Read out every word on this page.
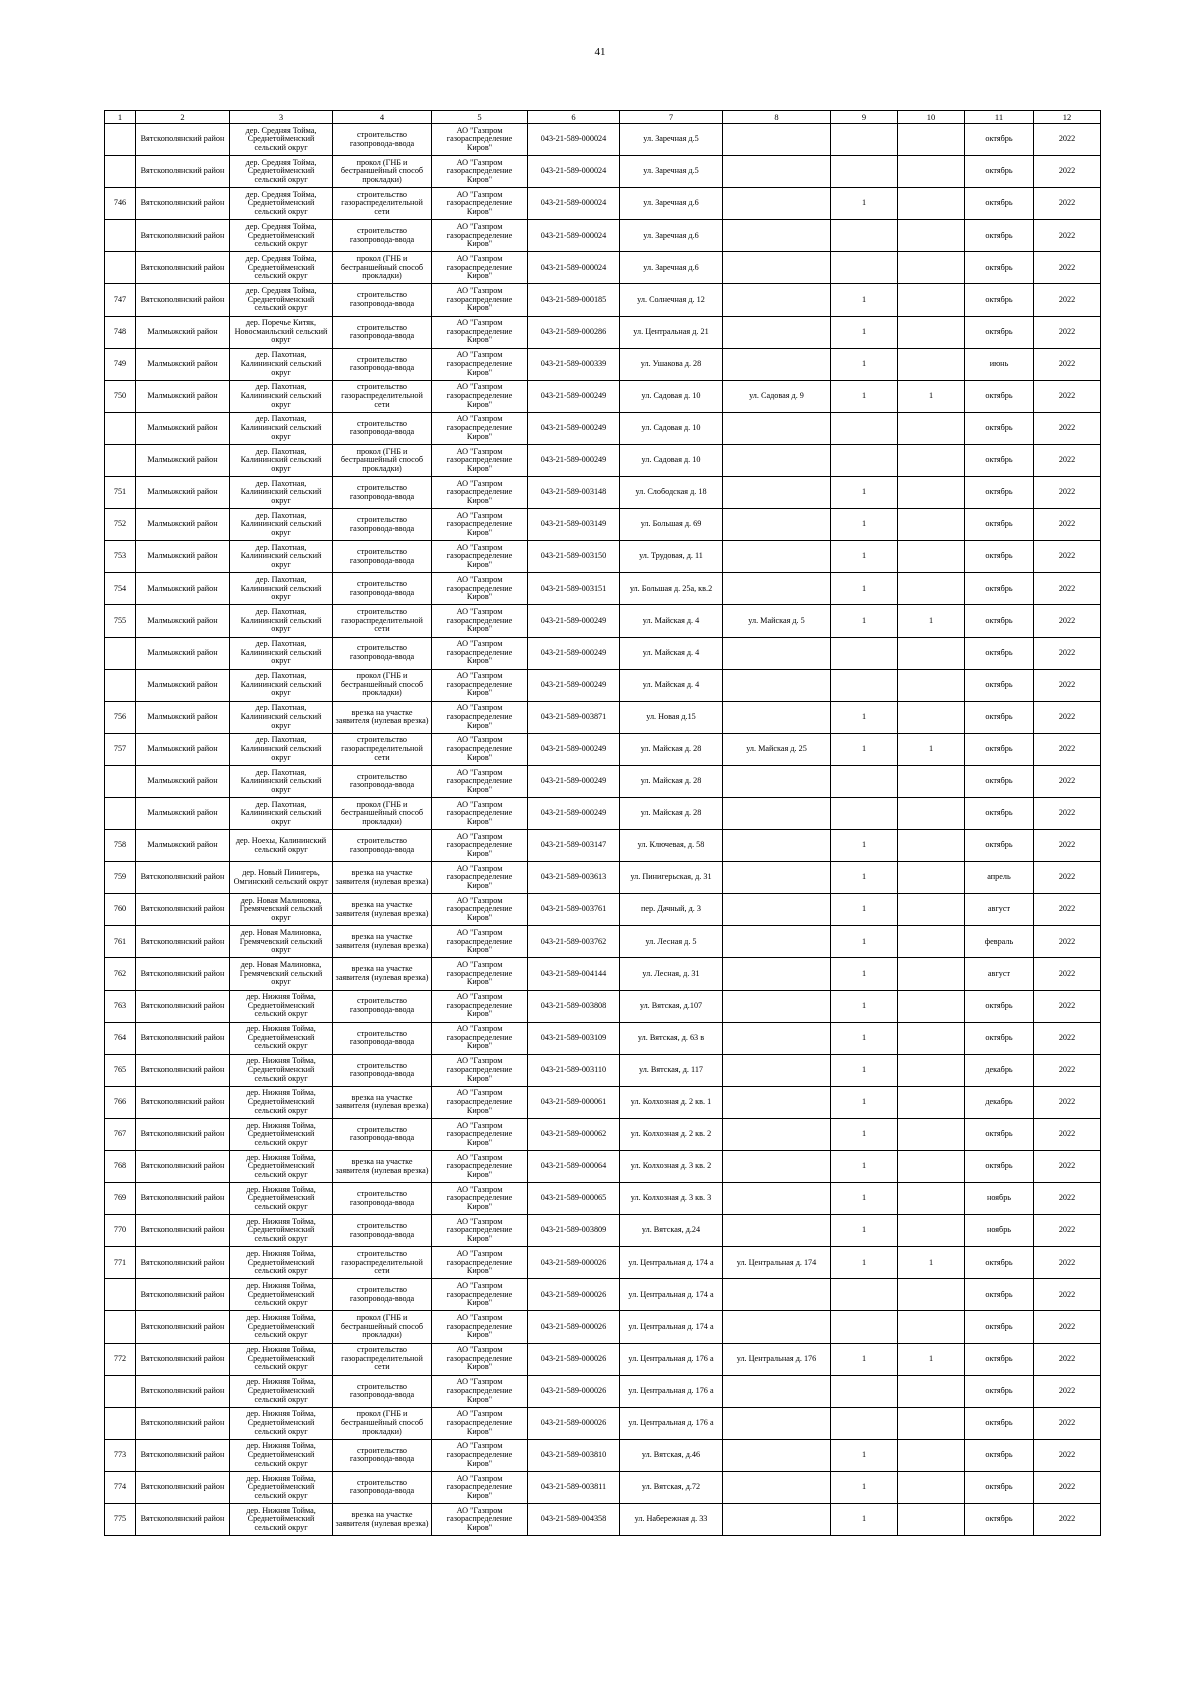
41
1	2	3	4	5	6	7	8	9	10	11	12

	Вятскополянский район	дер. Средняя Тойма, Среднетойменский сельский округ	строительство газопровода-ввода	АО "Газпром газораспределение Киров"	043-21-589-000024	ул. Заречная д.5				октябрь	2022

	Вятскополянский район	дер. Средняя Тойма, Среднетойменский сельский округ	прокол (ГНБ и бестраншейный способ прокладки)	АО "Газпром газораспределение Киров"	043-21-589-000024	ул. Заречная д.5				октябрь	2022

746	Вятскополянский район	дер. Средняя Тойма, Среднетойменский сельский округ	строительство газораспределительной сети	АО "Газпром газораспределение Киров"	043-21-589-000024	ул. Заречная д.6		1		октябрь	2022

	Вятскополянский район	дер. Средняя Тойма, Среднетойменский сельский округ	строительство газопровода-ввода	АО "Газпром газораспределение Киров"	043-21-589-000024	ул. Заречная д.6				октябрь	2022

	Вятскополянский район	дер. Средняя Тойма, Среднетойменский сельский округ	прокол (ГНБ и бестраншейный способ прокладки)	АО "Газпром газораспределение Киров"	043-21-589-000024	ул. Заречная д.6				октябрь	2022

747	Вятскополянский район	дер. Средняя Тойма, Среднетойменский сельский округ	строительство газопровода-ввода	АО "Газпром газораспределение Киров"	043-21-589-000185	ул. Солнечная д. 12		1		октябрь	2022

748	Малмыжский район	дер. Поречье Китяк, Новосмаильский сельский округ	строительство газопровода-ввода	АО "Газпром газораспределение Киров"	043-21-589-000286	ул. Центральная д. 21		1		октябрь	2022

749	Малмыжский район	дер. Пахотная, Калининский сельский округ	строительство газопровода-ввода	АО "Газпром газораспределение Киров"	043-21-589-000339	ул. Ушакова д. 28		1		июнь	2022

750	Малмыжский район	дер. Пахотная, Калининский сельский округ	строительство газораспределительной сети	АО "Газпром газораспределение Киров"	043-21-589-000249	ул. Садовая д. 10	ул. Садовая д. 9	1	1	октябрь	2022

	Малмыжский район	дер. Пахотная, Калининский сельский округ	строительство газопровода-ввода	АО "Газпром газораспределение Киров"	043-21-589-000249	ул. Садовая д. 10				октябрь	2022

	Малмыжский район	дер. Пахотная, Калининский сельский округ	прокол (ГНБ и бестраншейный способ прокладки)	АО "Газпром газораспределение Киров"	043-21-589-000249	ул. Садовая д. 10				октябрь	2022

751	Малмыжский район	дер. Пахотная, Калининский сельский округ	строительство газопровода-ввода	АО "Газпром газораспределение Киров"	043-21-589-003148	ул. Слободская д. 18		1		октябрь	2022

752	Малмыжский район	дер. Пахотная, Калининский сельский округ	строительство газопровода-ввода	АО "Газпром газораспределение Киров"	043-21-589-003149	ул. Большая д. 69		1		октябрь	2022

753	Малмыжский район	дер. Пахотная, Калининский сельский округ	строительство газопровода-ввода	АО "Газпром газораспределение Киров"	043-21-589-003150	ул. Трудовая, д. 11		1		октябрь	2022

754	Малмыжский район	дер. Пахотная, Калининский сельский округ	строительство газопровода-ввода	АО "Газпром газораспределение Киров"	043-21-589-003151	ул. Большая д. 25а, кв.2		1		октябрь	2022

755	Малмыжский район	дер. Пахотная, Калининский сельский округ	строительство газораспределительной сети	АО "Газпром газораспределение Киров"	043-21-589-000249	ул. Майская д. 4	ул. Майская д. 5	1	1	октябрь	2022

	Малмыжский район	дер. Пахотная, Калининский сельский округ	строительство газопровода-ввода	АО "Газпром газораспределение Киров"	043-21-589-000249	ул. Майская д. 4				октябрь	2022

	Малмыжский район	дер. Пахотная, Калининский сельский округ	прокол (ГНБ и бестраншейный способ прокладки)	АО "Газпром газораспределение Киров"	043-21-589-000249	ул. Майская д. 4				октябрь	2022

756	Малмыжский район	дер. Пахотная, Калининский сельский округ	врезка на участке заявителя (нулевая врезка)	АО "Газпром газораспределение Киров"	043-21-589-003871	ул. Новая д.15		1		октябрь	2022

757	Малмыжский район	дер. Пахотная, Калининский сельский округ	строительство газораспределительной сети	АО "Газпром газораспределение Киров"	043-21-589-000249	ул. Майская д. 28	ул. Майская д. 25	1	1	октябрь	2022

	Малмыжский район	дер. Пахотная, Калининский сельский округ	строительство газопровода-ввода	АО "Газпром газораспределение Киров"	043-21-589-000249	ул. Майская д. 28				октябрь	2022

	Малмыжский район	дер. Пахотная, Калининский сельский округ	прокол (ГНБ и бестраншейный способ прокладки)	АО "Газпром газораспределение Киров"	043-21-589-000249	ул. Майская д. 28				октябрь	2022

758	Малмыжский район	дер. Ноехы, Калининский сельский округ	строительство газопровода-ввода	АО "Газпром газораспределение Киров"	043-21-589-003147	ул. Ключевая, д. 58		1		октябрь	2022

759	Вятскополянский район	дер. Новый Пинигерь, Омгинский сельский округ	врезка на участке заявителя (нулевая врезка)	АО "Газпром газораспределение Киров"	043-21-589-003613	ул. Пинигерьская, д. 31		1		апрель	2022

760	Вятскополянский район	дер. Новая Малиновка, Гремячевский сельский округ	врезка на участке заявителя (нулевая врезка)	АО "Газпром газораспределение Киров"	043-21-589-003761	пер. Дачный, д. 3		1		август	2022

761	Вятскополянский район	дер. Новая Малиновка, Гремячевский сельский округ	врезка на участке заявителя (нулевая врезка)	АО "Газпром газораспределение Киров"	043-21-589-003762	ул. Лесная д. 5		1		февраль	2022

762	Вятскополянский район	дер. Новая Малиновка, Гремячевский сельский округ	врезка на участке заявителя (нулевая врезка)	АО "Газпром газораспределение Киров"	043-21-589-004144	ул. Лесная, д. 31		1		август	2022

763	Вятскополянский район	дер. Нижняя Тойма, Среднетойменский сельский округ	строительство газопровода-ввода	АО "Газпром газораспределение Киров"	043-21-589-003808	ул. Вятская, д.107		1		октябрь	2022

764	Вятскополянский район	дер. Нижняя Тойма, Среднетойменский сельский округ	строительство газопровода-ввода	АО "Газпром газораспределение Киров"	043-21-589-003109	ул. Вятская, д. 63 в		1		октябрь	2022

765	Вятскополянский район	дер. Нижняя Тойма, Среднетойменский сельский округ	строительство газопровода-ввода	АО "Газпром газораспределение Киров"	043-21-589-003110	ул. Вятская, д. 117		1		декабрь	2022

766	Вятскополянский район	дер. Нижняя Тойма, Среднетойменский сельский округ	врезка на участке заявителя (нулевая врезка)	АО "Газпром газораспределение Киров"	043-21-589-000061	ул. Колхозная д. 2 кв. 1		1		декабрь	2022

767	Вятскополянский район	дер. Нижняя Тойма, Среднетойменский сельский округ	строительство газопровода-ввода	АО "Газпром газораспределение Киров"	043-21-589-000062	ул. Колхозная д. 2 кв. 2		1		октябрь	2022

768	Вятскополянский район	дер. Нижняя Тойма, Среднетойменский сельский округ	врезка на участке заявителя (нулевая врезка)	АО "Газпром газораспределение Киров"	043-21-589-000064	ул. Колхозная д. 3 кв. 2		1		октябрь	2022

769	Вятскополянский район	дер. Нижняя Тойма, Среднетойменский сельский округ	строительство газопровода-ввода	АО "Газпром газораспределение Киров"	043-21-589-000065	ул. Колхозная д. 3 кв. 3		1		ноябрь	2022

770	Вятскополянский район	дер. Нижняя Тойма, Среднетойменский сельский округ	строительство газопровода-ввода	АО "Газпром газораспределение Киров"	043-21-589-003809	ул. Вятская, д.24		1		ноябрь	2022

771	Вятскополянский район	дер. Нижняя Тойма, Среднетойменский сельский округ	строительство газораспределительной сети	АО "Газпром газораспределение Киров"	043-21-589-000026	ул. Центральная д. 174 а	ул. Центральная д. 174	1	1	октябрь	2022

	Вятскополянский район	дер. Нижняя Тойма, Среднетойменский сельский округ	строительство газопровода-ввода	АО "Газпром газораспределение Киров"	043-21-589-000026	ул. Центральная д. 174 а				октябрь	2022

	Вятскополянский район	дер. Нижняя Тойма, Среднетойменский сельский округ	прокол (ГНБ и бестраншейный способ прокладки)	АО "Газпром газораспределение Киров"	043-21-589-000026	ул. Центральная д. 174 а				октябрь	2022

772	Вятскополянский район	дер. Нижняя Тойма, Среднетойменский сельский округ	строительство газораспределительной сети	АО "Газпром газораспределение Киров"	043-21-589-000026	ул. Центральная д. 176 а	ул. Центральная д. 176	1	1	октябрь	2022

	Вятскополянский район	дер. Нижняя Тойма, Среднетойменский сельский округ	строительство газопровода-ввода	АО "Газпром газораспределение Киров"	043-21-589-000026	ул. Центральная д. 176 а				октябрь	2022

	Вятскополянский район	дер. Нижняя Тойма, Среднетойменский сельский округ	прокол (ГНБ и бестраншейный способ прокладки)	АО "Газпром газораспределение Киров"	043-21-589-000026	ул. Центральная д. 176 а				октябрь	2022

773	Вятскополянский район	дер. Нижняя Тойма, Среднетойменский сельский округ	строительство газопровода-ввода	АО "Газпром газораспределение Киров"	043-21-589-003810	ул. Вятская, д.46		1		октябрь	2022

774	Вятскополянский район	дер. Нижняя Тойма, Среднетойменский сельский округ	строительство газопровода-ввода	АО "Газпром газораспределение Киров"	043-21-589-003811	ул. Вятская, д.72		1		октябрь	2022

775	Вятскополянский район	дер. Нижняя Тойма, Среднетойменский сельский округ	врезка на участке заявителя (нулевая врезка)	АО "Газпром газораспределение Киров"	043-21-589-004358	ул. Набережная д. 33		1		октябрь	2022
